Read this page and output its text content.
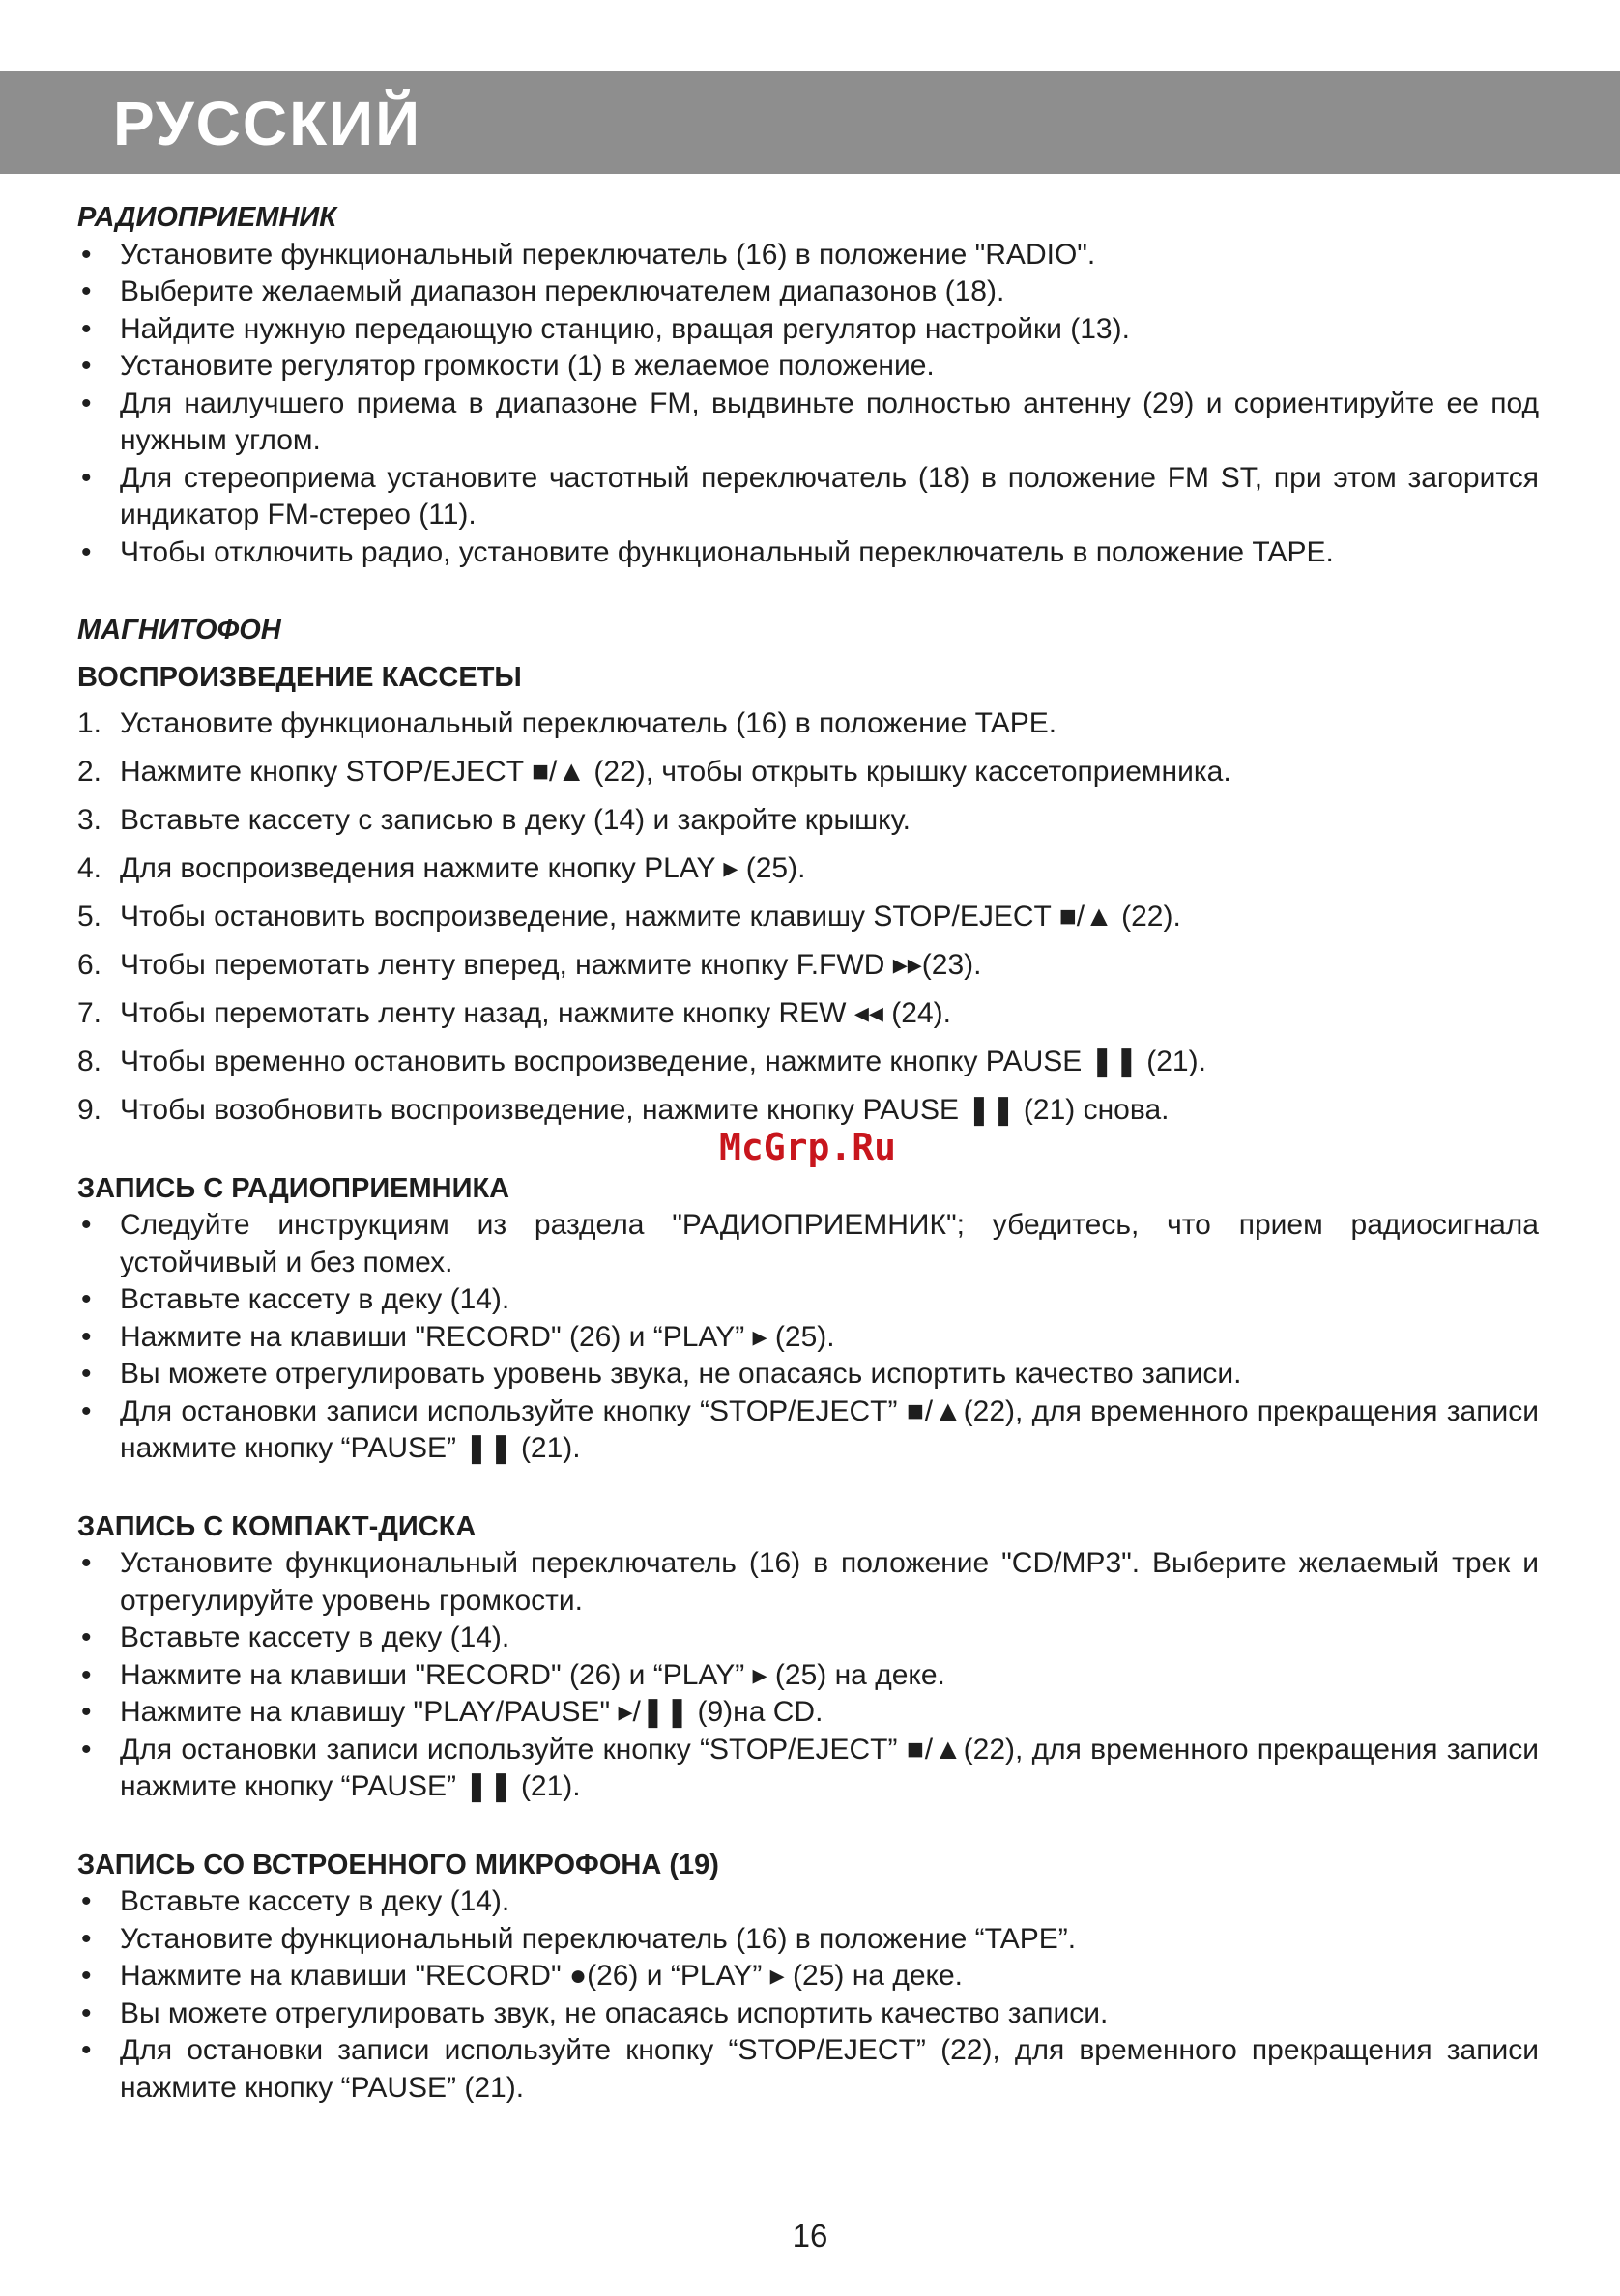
РУССКИЙ
РАДИОПРИЕМНИК
• Установите функциональный переключатель (16) в положение "RADIO".
• Выберите желаемый диапазон переключателем диапазонов (18).
• Найдите нужную передающую станцию, вращая регулятор настройки (13).
• Установите регулятор громкости (1) в желаемое положение.
• Для наилучшего приема в диапазоне FM, выдвиньте полностью антенну (29) и сориентируйте ее под нужным углом.
• Для стереоприема установите частотный переключатель (18) в положение FM ST, при этом загорится индикатор FM-стерео (11).
• Чтобы отключить радио, установите функциональный переключатель в положение TAPE.
МАГНИТОФОН
ВОСПРОИЗВЕДЕНИЕ КАССЕТЫ
1. Установите функциональный переключатель (16) в положение TAPE.
2. Нажмите кнопку STOP/EJECT ■/▲ (22), чтобы открыть крышку кассетоприемника.
3. Вставьте кассету с записью в деку (14) и закройте крышку.
4. Для воспроизведения нажмите кнопку PLAY ▸ (25).
5. Чтобы остановить воспроизведение, нажмите клавишу STOP/EJECT ■/▲ (22).
6. Чтобы перемотать ленту вперед, нажмите кнопку F.FWD ▸▸(23).
7. Чтобы перемотать ленту назад, нажмите кнопку REW ◂◂ (24).
8. Чтобы временно остановить воспроизведение, нажмите кнопку PAUSE ❚❚ (21).
9. Чтобы возобновить воспроизведение, нажмите кнопку PAUSE ❚❚ (21) снова.
ЗАПИСЬ С РАДИОПРИЕМНИКА
• Следуйте инструкциям из раздела "РАДИОПРИЕМНИК"; убедитесь, что прием радиосигнала устойчивый и без помех.
• Вставьте кассету в деку (14).
• Нажмите на клавиши "RECORD" (26) и “PLAY” ▸ (25).
• Вы можете отрегулировать уровень звука, не опасаясь испортить качество записи.
• Для остановки записи используйте кнопку “STOP/EJECT” ■/▲(22), для временного прекращения записи нажмите кнопку “PAUSE” ❚❚ (21).
ЗАПИСЬ С КОМПАКТ-ДИСКА
• Установите функциональный переключатель (16) в положение "CD/MP3". Выберите желаемый трек и отрегулируйте уровень громкости.
• Вставьте кассету в деку (14).
• Нажмите на клавиши "RECORD" (26) и “PLAY” ▸ (25) на деке.
• Нажмите на клавишу "PLAY/PAUSE" ▸/❚❚ (9)на CD.
• Для остановки записи используйте кнопку “STOP/EJECT” ■/▲(22), для временного прекращения записи нажмите кнопку “PAUSE” ❚❚ (21).
ЗАПИСЬ СО ВСТРОЕННОГО МИКРОФОНА (19)
• Вставьте кассету в деку (14).
• Установите функциональный переключатель (16) в положение “TAPE”.
• Нажмите на клавиши "RECORD" ●(26) и “PLAY” ▸ (25) на деке.
• Вы можете отрегулировать звук, не опасаясь испортить качество записи.
• Для остановки записи используйте кнопку “STOP/EJECT” (22), для временного прекращения записи нажмите кнопку “PAUSE” (21).
McGrp.Ru
16
